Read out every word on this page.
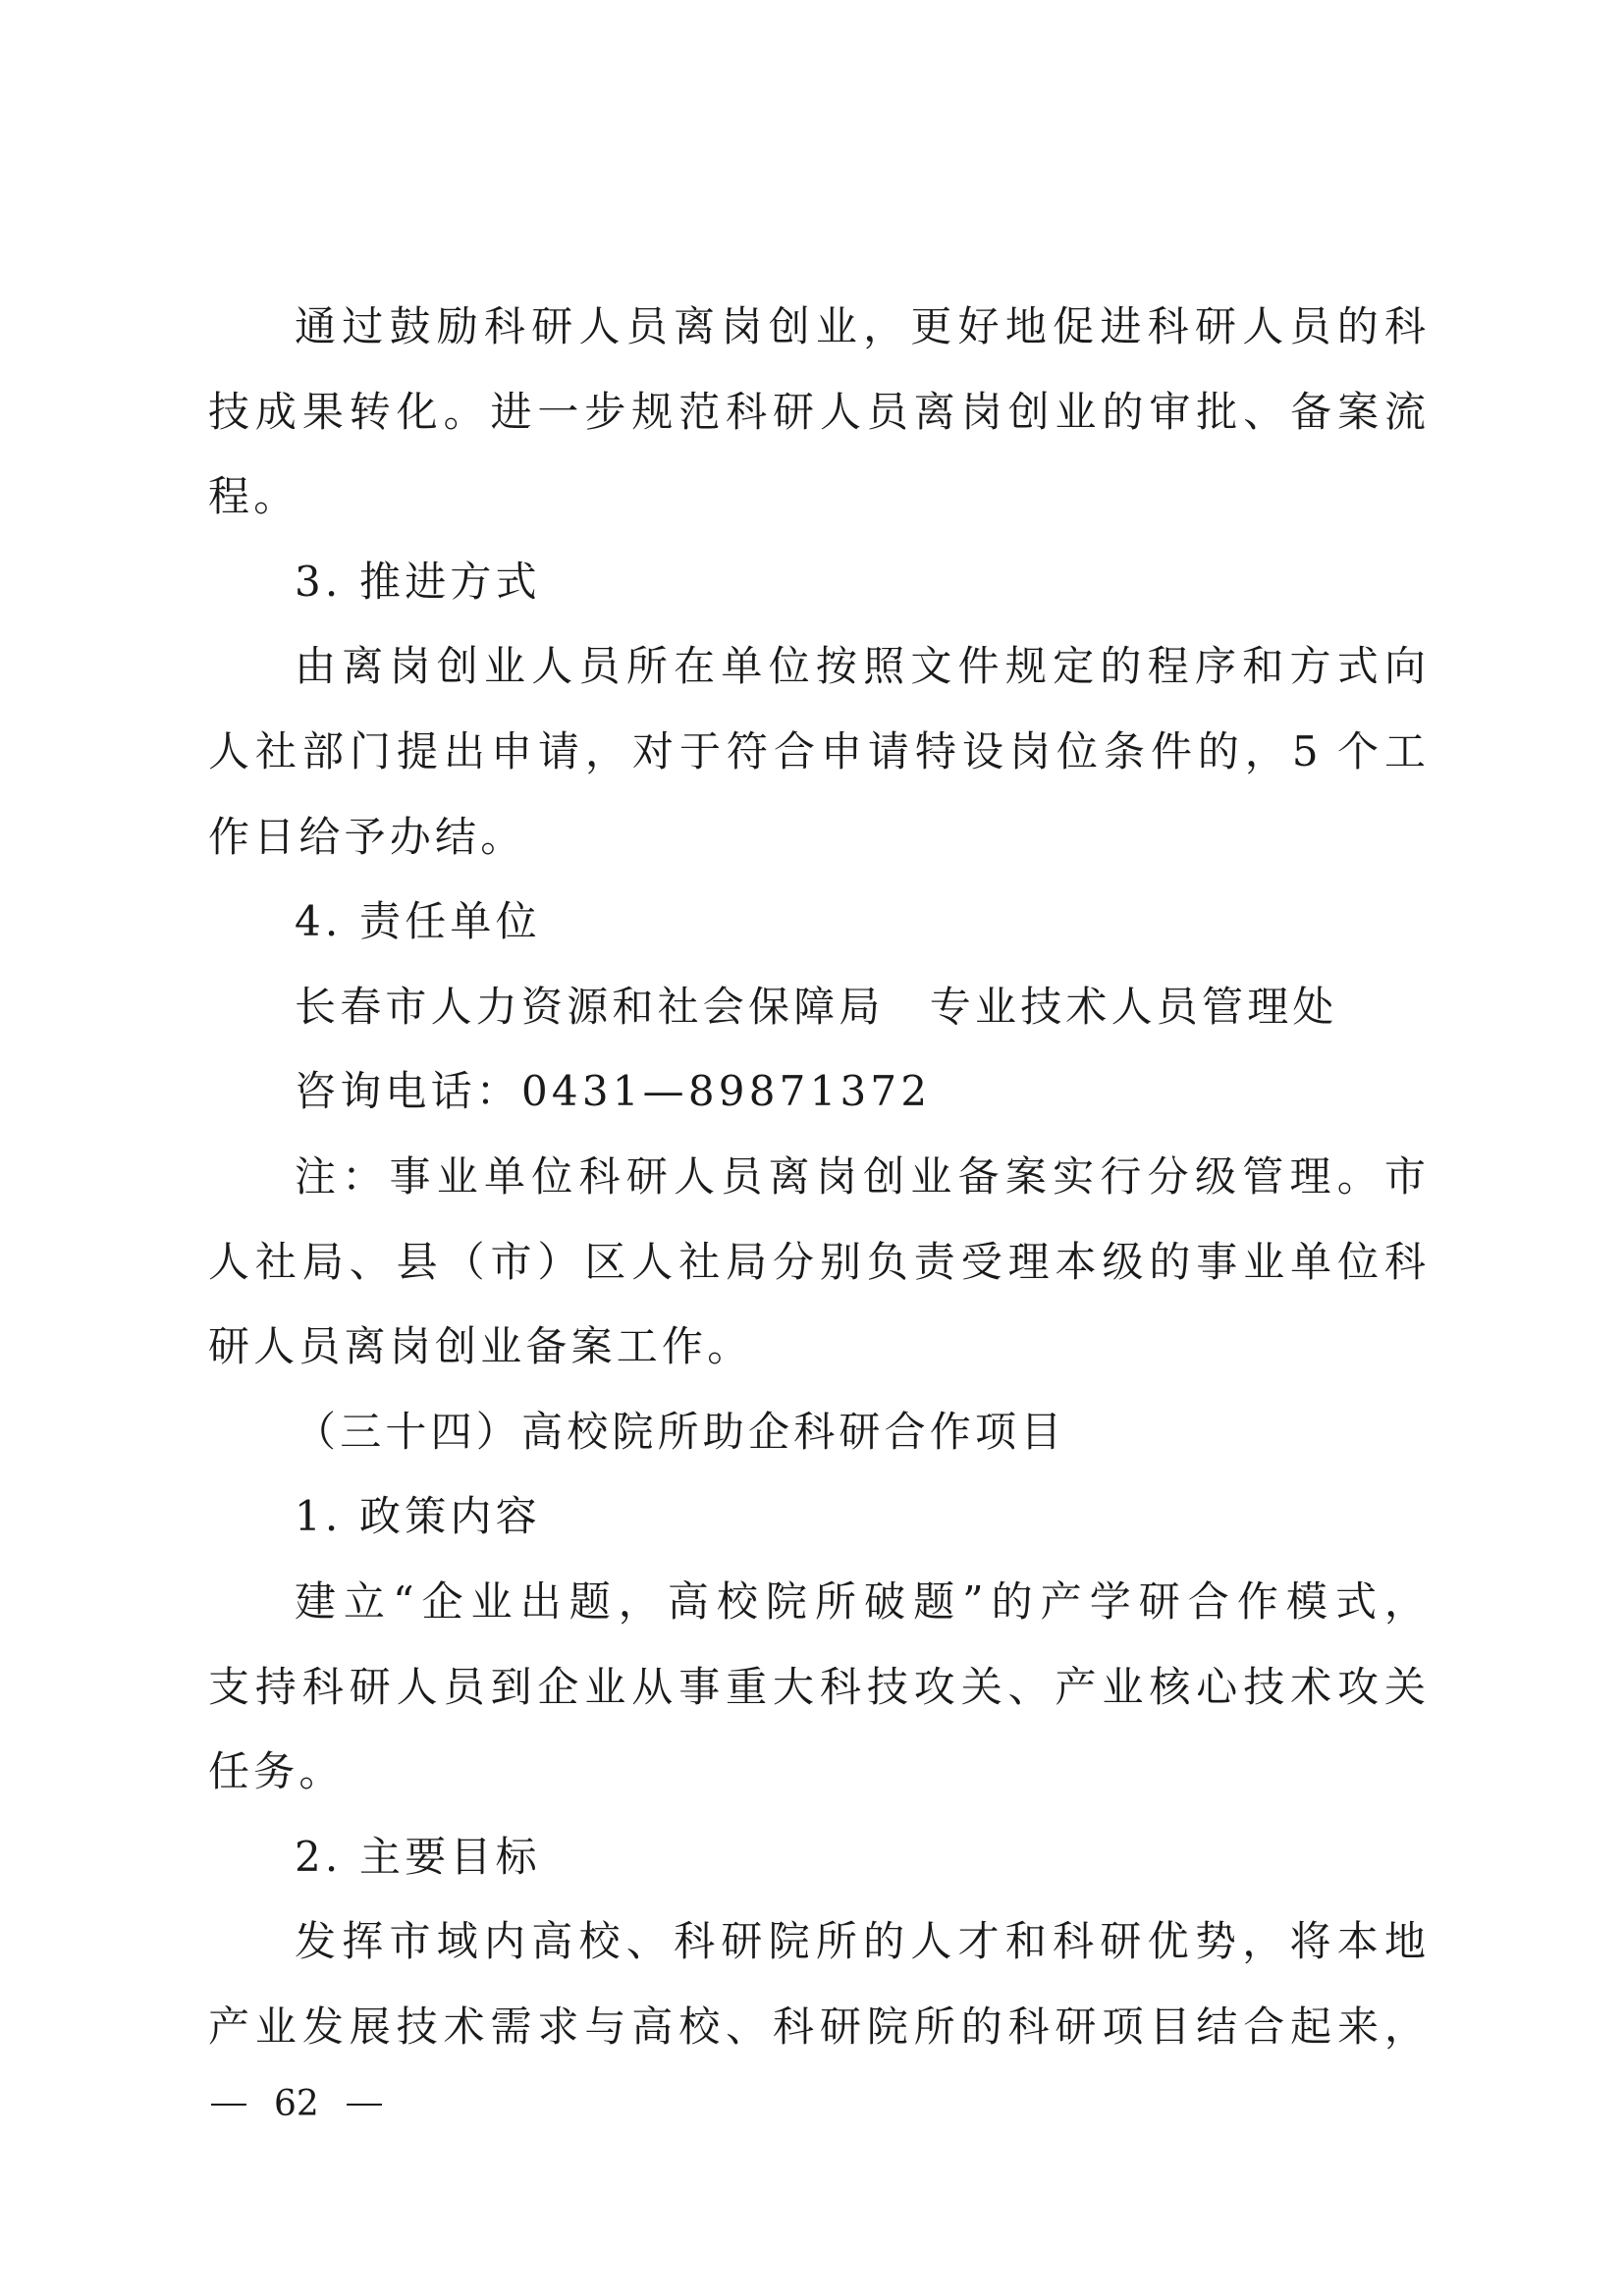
通过鼓励科研人员离岗创业，更好地促进科研人员的科
技成果转化。进一步规范科研人员离岗创业的审批、备案流
程。
3. 推进方式
由离岗创业人员所在单位按照文件规定的程序和方式向
人社部门提出申请，对于符合申请特设岗位条件的，5 个工
作日给予办结。
4. 责任单位
长春市人力资源和社会保障局　专业技术人员管理处
咨询电话：0431—89871372
注：事业单位科研人员离岗创业备案实行分级管理。市
人社局、县（市）区人社局分别负责受理本级的事业单位科
研人员离岗创业备案工作。
（三十四）高校院所助企科研合作项目
1. 政策内容
建立“企业出题，高校院所破题”的产学研合作模式，
支持科研人员到企业从事重大科技攻关、产业核心技术攻关
任务。
2. 主要目标
发挥市域内高校、科研院所的人才和科研优势，将本地
产业发展技术需求与高校、科研院所的科研项目结合起来，
62
